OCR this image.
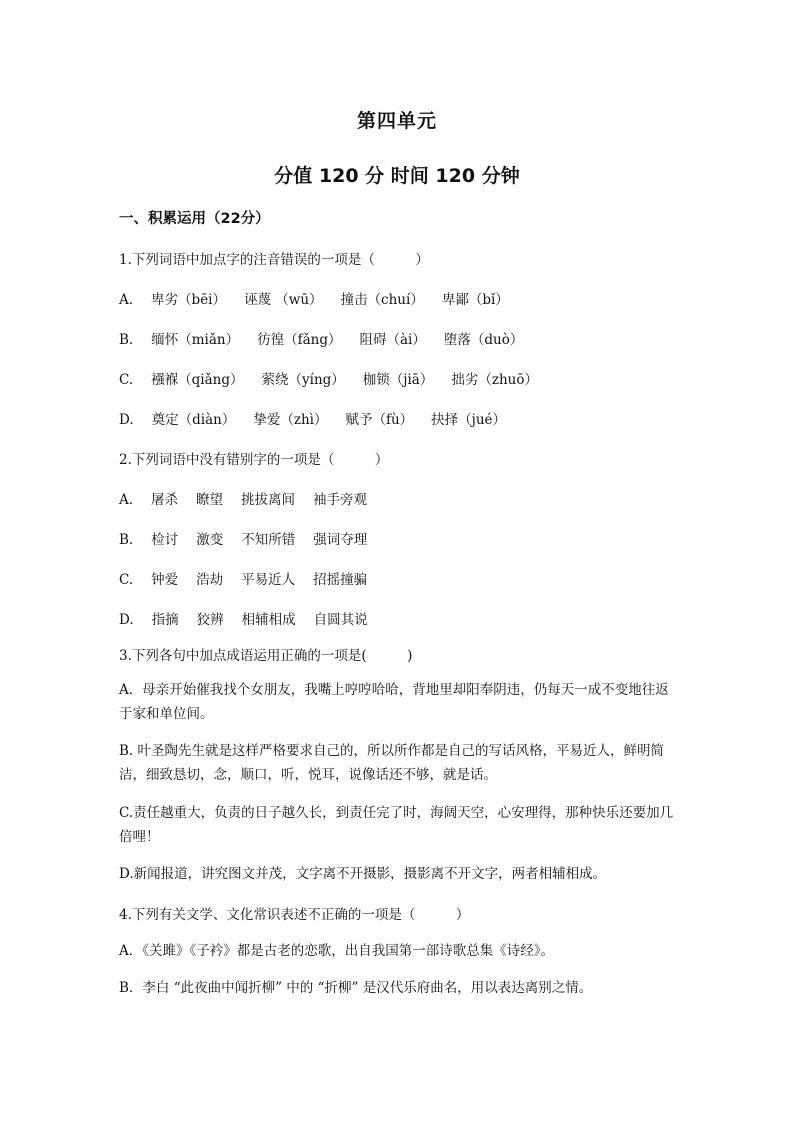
第四单元
分值 120 分 时间 120 分钟
一、积累运用（22分）
1.下列词语中加点字的注音错误的一项是（　　　）
A. 卑劣（bēi） 诬蔑 （wū） 撞击（chuí） 卑鄙（bǐ）
B. 缅怀（miǎn） 彷徨（fǎng） 阻碍（ài） 堕落（duò）
C. 襁褓（qiǎng） 萦绕（yíng） 枷锁（jiā） 拙劣（zhuō）
D. 奠定（diàn） 挚爱（zhì） 赋予（fù） 抉择（jué）
2.下列词语中没有错别字的一项是（　　　）
A. 屠杀 瞭望 挑拔离间 袖手旁观
B. 检讨 激变 不知所错 强词夺理
C. 钟爱 浩劫 平易近人 招摇撞骗
D. 指摘 狡辨 相辅相成 自圆其说
3.下列各句中加点成语运用正确的一项是(　　　)
A．母亲开始催我找个女朋友，我嘴上哼哼哈哈，背地里却阳奉阴违，仍每天一成不变地往返于家和单位间。
B. 叶圣陶先生就是这样严格要求自己的，所以所作都是自己的写话风格，平易近人，鲜明简洁，细致恳切，念，顺口，听，悦耳，说像话还不够，就是话。
C.责任越重大，负责的日子越久长，到责任完了时，海阔天空，心安理得，那种快乐还要加几倍哩！
D.新闻报道，讲究图文并茂，文字离不开摄影，摄影离不开文字，两者相辅相成。
4.下列有关文学、文化常识表述不正确的一项是（　　　）
A．《关雎》《子衿》都是古老的恋歌，出自我国第一部诗歌总集《诗经》。
B．李白 “此夜曲中闻折柳” 中的 “折柳” 是汉代乐府曲名，用以表达离别之情。
